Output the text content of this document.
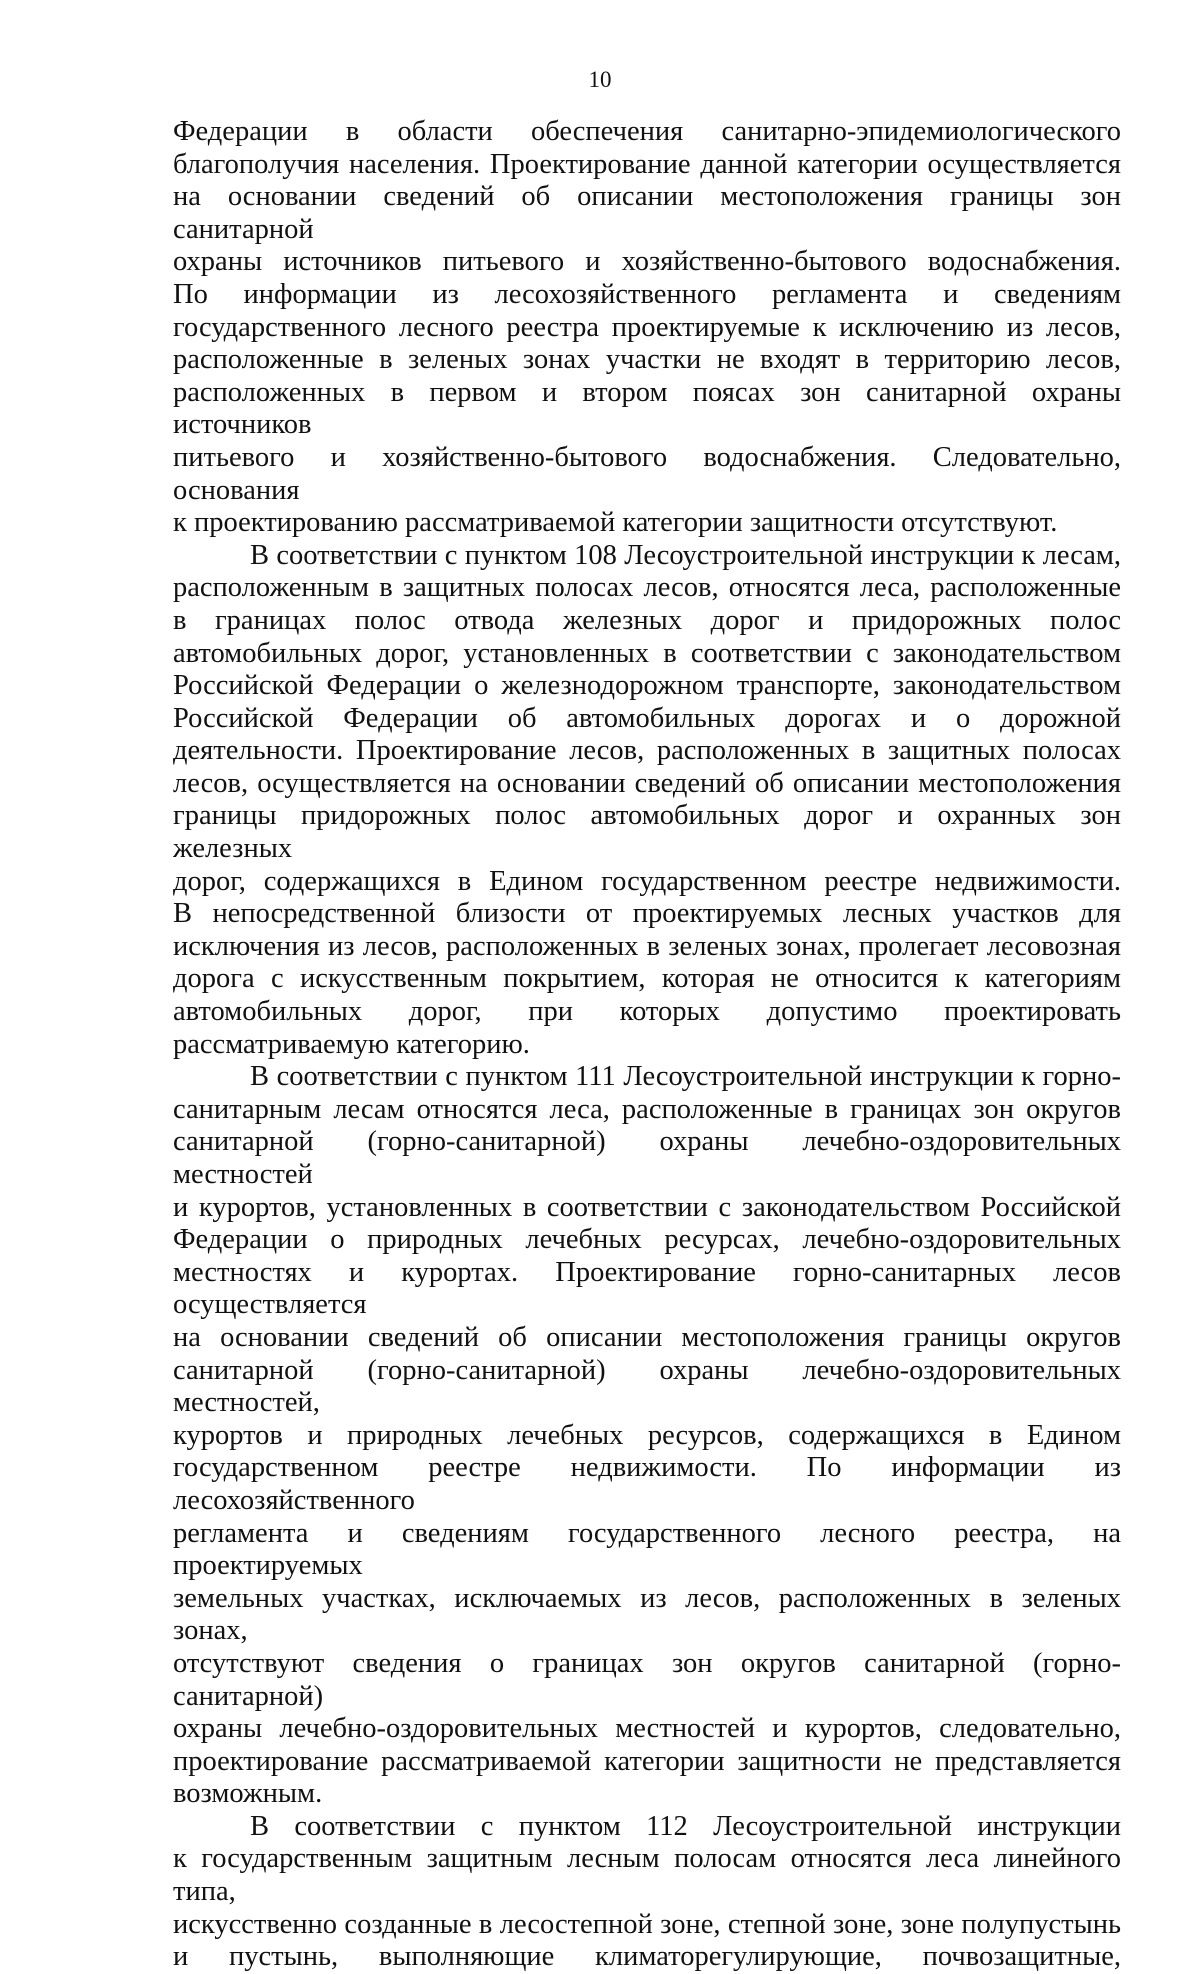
10
Федерации в области обеспечения санитарно-эпидемиологического
благополучия населения. Проектирование данной категории осуществляется
на основании сведений об описании местоположения границы зон санитарной
охраны источников питьевого и хозяйственно-бытового водоснабжения.
По информации из лесохозяйственного регламента и сведениям
государственного лесного реестра проектируемые к исключению из лесов,
расположенные в зеленых зонах участки не входят в территорию лесов,
расположенных в первом и втором поясах зон санитарной охраны источников
питьевого и хозяйственно-бытового водоснабжения. Следовательно, основания
к проектированию рассматриваемой категории защитности отсутствуют.
В соответствии с пунктом 108 Лесоустроительной инструкции к лесам,
расположенным в защитных полосах лесов, относятся леса, расположенные
в границах полос отвода железных дорог и придорожных полос
автомобильных дорог, установленных в соответствии с законодательством
Российской Федерации о железнодорожном транспорте, законодательством
Российской Федерации об автомобильных дорогах и о дорожной
деятельности. Проектирование лесов, расположенных в защитных полосах
лесов, осуществляется на основании сведений об описании местоположения
границы придорожных полос автомобильных дорог и охранных зон железных
дорог, содержащихся в Едином государственном реестре недвижимости.
В непосредственной близости от проектируемых лесных участков для
исключения из лесов, расположенных в зеленых зонах, пролегает лесовозная
дорога с искусственным покрытием, которая не относится к категориям
автомобильных дорог, при которых допустимо проектировать
рассматриваемую категорию.
В соответствии с пунктом 111 Лесоустроительной инструкции к горно-
санитарным лесам относятся леса, расположенные в границах зон округов
санитарной (горно-санитарной) охраны лечебно-оздоровительных местностей
и курортов, установленных в соответствии с законодательством Российской
Федерации о природных лечебных ресурсах, лечебно-оздоровительных
местностях и курортах. Проектирование горно-санитарных лесов осуществляется
на основании сведений об описании местоположения границы округов
санитарной (горно-санитарной) охраны лечебно-оздоровительных местностей,
курортов и природных лечебных ресурсов, содержащихся в Едином
государственном реестре недвижимости. По информации из лесохозяйственного
регламента и сведениям государственного лесного реестра, на проектируемых
земельных участках, исключаемых из лесов, расположенных в зеленых зонах,
отсутствуют сведения о границах зон округов санитарной (горно-санитарной)
охраны лечебно-оздоровительных местностей и курортов, следовательно,
проектирование рассматриваемой категории защитности не представляется
возможным.
В соответствии с пунктом 112 Лесоустроительной инструкции
к государственным защитным лесным полосам относятся леса линейного типа,
искусственно созданные в лесостепной зоне, степной зоне, зоне полупустынь
и пустынь, выполняющие климаторегулирующие, почвозащитные,
